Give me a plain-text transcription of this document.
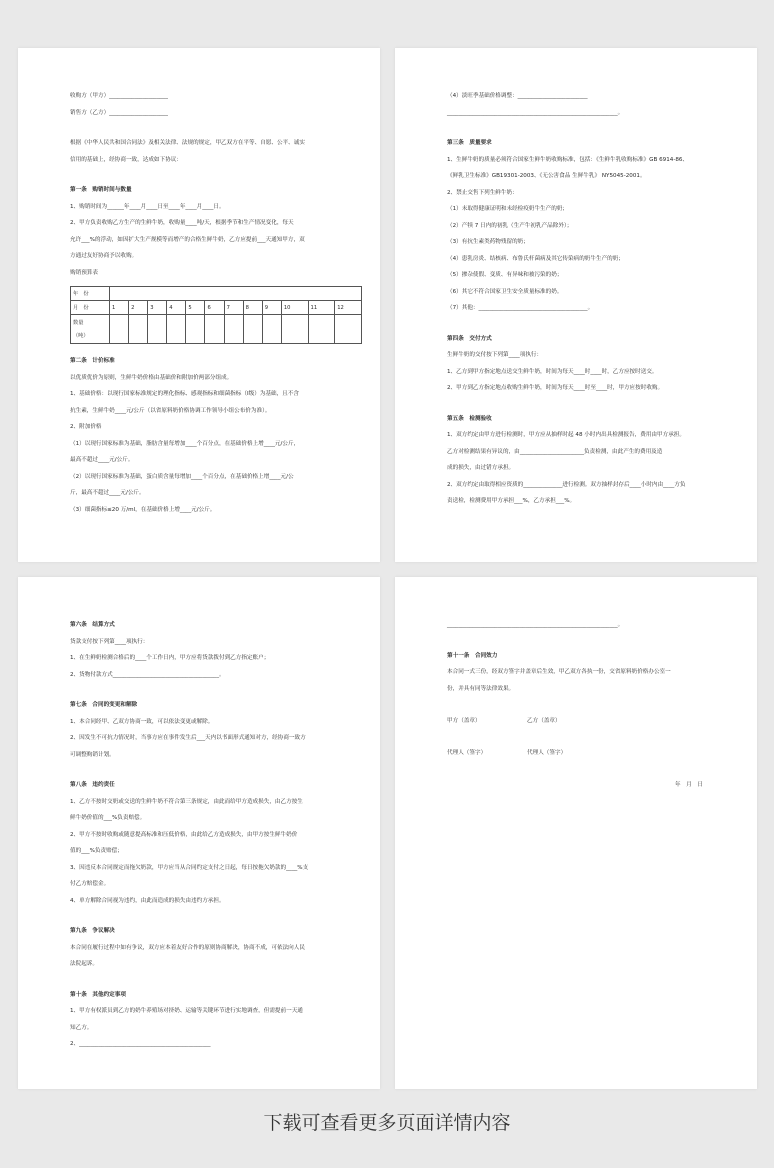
收购方（甲方）_____________________
销售方（乙方）_____________________
根据《中华人民共和国合同法》及相关法律、法规的规定，甲乙双方在平等、自愿、公平、诚实
信用的基础上，经协商一致，达成如下协议：
第一条　购销时间与数量
1、购销时间为______年____月____日至____年____月____日。
2、甲方负责收购乙方生产的生鲜牛奶，收购量____吨/天，根据季节和生产情况变化，每天
允许___%的浮动，如因扩大生产规模等而增产的合格生鲜牛奶，乙方应提前___天通知甲方，双
方通过友好协商予以收购。
购销预算表
年　份												
月　份	1	2	3	4	5	6	7	8	9	10	11	12
数量

（吨）												
第二条　计价标准
以优质优价为原则，生鲜牛奶价格由基础价和附加价两部分组成。
1、基础价格：以现行国家标准规定的理化指标、感观指标和细菌指标（Ⅰ级）为基础，且不含
抗生素，生鲜牛奶____元/公斤（以省原料奶价格协调工作领导小组公布价为准）。
2、附加价格
（1）以现行国家标准为基础，脂肪含量每增加____个百分点，在基础价格上增____元/公斤，
最高不超过____元/公斤。
（2）以现行国家标准为基础，蛋白质含量每增加____个百分点，在基础价格上增____元/公
斤，最高不超过____元/公斤。
（3）细菌指标≤20 万/ml，在基础价格上增____元/公斤。
（4）淡旺季基础价格调整：_________________________
_____________________________________________________________。
第三条　质量要求
1、生鲜牛奶的质量必须符合国家生鲜牛奶收购标准，包括：《生鲜牛乳收购标准》GB 6914-86、
《鲜乳卫生标准》GB19301-2003、《无公害食品 生鲜牛乳》 NY5045-2001。
2、禁止交售下列生鲜牛奶：
（1）未取得健康证明和未经检疫奶牛生产的奶；
（2）产犊 7 日内的初乳（生产牛初乳产品除外）；
（3）有抗生素类药物残留的奶；
（4）患乳房炎、结核病、布鲁氏杆菌病及其它传染病的奶牛生产的奶；
（5）掺杂使假、变质、有异味和被污染的奶；
（6）其它不符合国家卫生安全质量标准的奶。
（7）其他：_______________________________________。
第四条　交付方式
生鲜牛奶的交付按下列第____项执行：
1、乙方到甲方指定地点送交生鲜牛奶，时间为每天____时____时，乙方应按时送交。
2、甲方到乙方指定地点收购生鲜牛奶，时间为每天____时至____时，甲方应按时收购。
第五条　检测验收
1、双方约定由甲方进行检测时，甲方应从抽样时起 48 小时内出具检测报告，费用由甲方承担。
乙方对检测结果有异议的，由_______________________负责检测，由此产生的费用及造
成的损失，由过错方承担。
2、双方约定由取得相应资质的______________进行检测。双方抽样封存后____小时内由____方负
责送检，检测费用甲方承担___%，乙方承担___%。
第六条　结算方式
货款支付按下列第____项执行：
1、在生鲜奶检测合格后的____个工作日内，甲方应将货款拨付到乙方指定账户；
2、货物付款方式______________________________________。
第七条　合同的变更和解除
1、本合同经甲、乙双方协商一致，可以依法变更或解除。
2、因发生不可抗力情况时，当事方应在事件发生后___天内以书面形式通知对方，经协商一致方
可调整购销计划。
第八条　违约责任
1、乙方不按时交奶或交送的生鲜牛奶不符合第三条规定，由此而给甲方造成损失，由乙方按生
鲜牛奶价值的___%负责赔偿。
2、甲方不按时收购或随意提高标准和压低价格，由此给乙方造成损失，由甲方按生鲜牛奶价
值的___%负责赔偿；
3、因违反本合同规定而拖欠奶款，甲方应当从合同约定支付之日起，每日按拖欠奶款的____%支
付乙方赔偿金。
4、单方解除合同视为违约，由此而造成的损失由违约方承担。
第九条　争议解决
本合同在履行过程中如有争议，双方应本着友好合作的原则协商解决，协商不成，可依法向人民
法院起诉。
第十条　其他约定事项
1、甲方有权派员到乙方的奶牛养殖场对挤奶、运输等关键环节进行实地调查，但需提前一天通
知乙方。
2、_______________________________________________
_____________________________________________________________。
第十一条　合同效力
本合同一式三份，经双方签字并盖章后生效，甲乙双方各执一份，交省原料奶价格办公室一
份，并具有同等法律效果。
甲方（盖章）	乙方（盖章）
代理人（签字）	代理人（签字）
年　月　日
下载可查看更多页面详情内容
